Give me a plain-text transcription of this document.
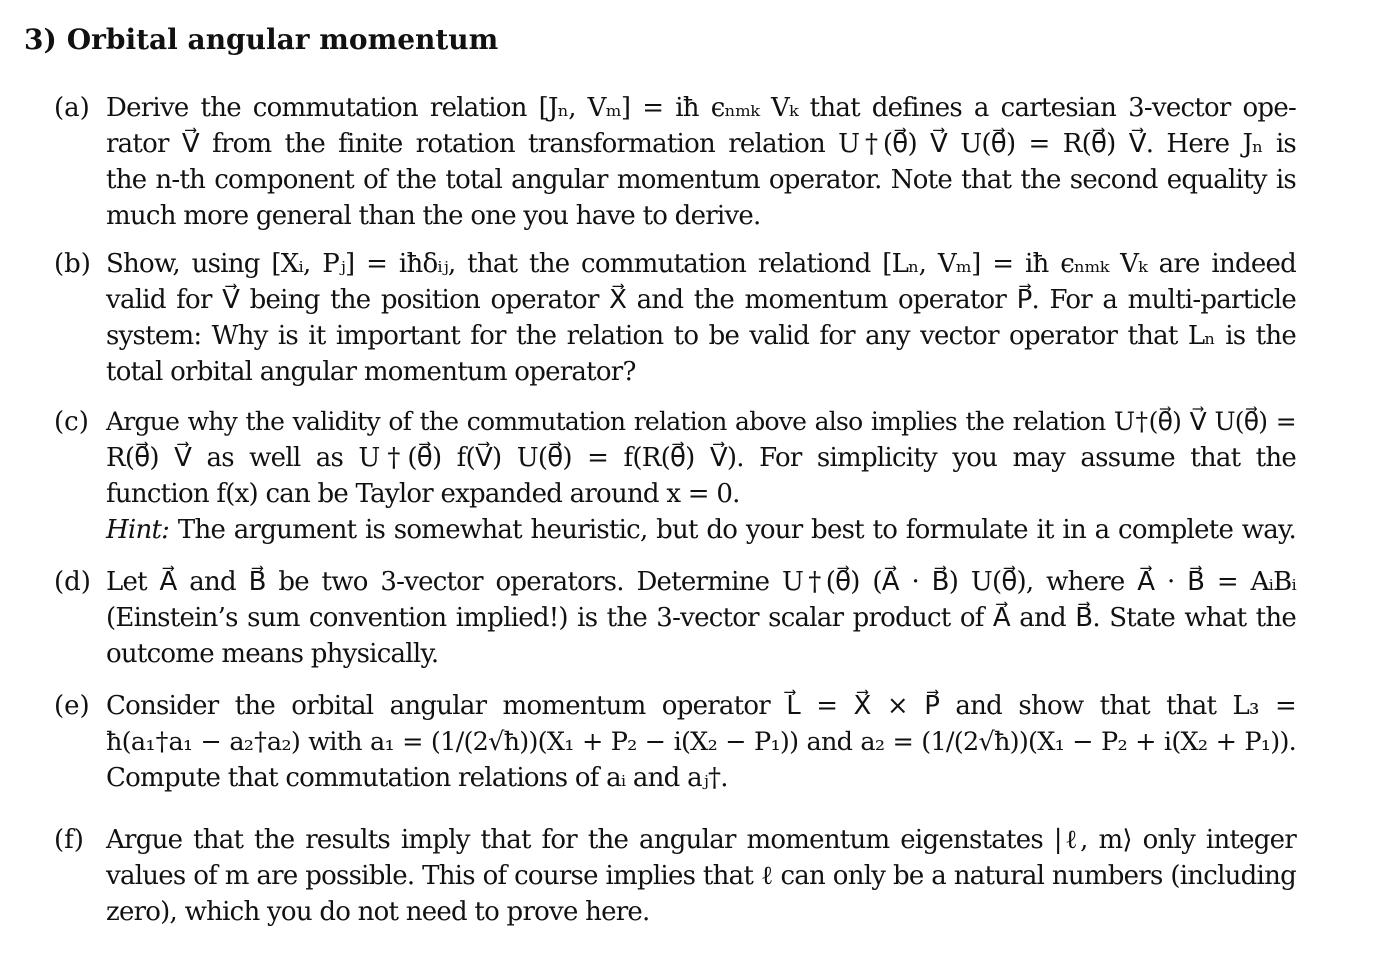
3) Orbital angular momentum
(a) Derive the commutation relation [Jₙ, Vₘ] = iħ ϵₙₘₖ Vₖ that defines a cartesian 3-vector ope-
rator V⃗ from the finite rotation transformation relation U†(θ⃗) V⃗ U(θ⃗) = R(θ⃗) V⃗. Here Jₙ is
the n-th component of the total angular momentum operator. Note that the second equality is
much more general than the one you have to derive.
(b) Show, using [Xᵢ, Pⱼ] = iħδᵢⱼ, that the commutation relationd [Lₙ, Vₘ] = iħ ϵₙₘₖ Vₖ are indeed
valid for V⃗ being the position operator X⃗ and the momentum operator P⃗. For a multi-particle
system: Why is it important for the relation to be valid for any vector operator that Lₙ is the
total orbital angular momentum operator?
(c) Argue why the validity of the commutation relation above also implies the relation U†(θ⃗) V⃗ U(θ⃗) =
R(θ⃗) V⃗ as well as U†(θ⃗) f(V⃗) U(θ⃗) = f(R(θ⃗) V⃗). For simplicity you may assume that the
function f(x) can be Taylor expanded around x = 0.
Hint: The argument is somewhat heuristic, but do your best to formulate it in a complete way.
(d) Let A⃗ and B⃗ be two 3-vector operators. Determine U†(θ⃗) (A⃗ · B⃗) U(θ⃗), where A⃗ · B⃗ = AᵢBᵢ
(Einstein’s sum convention implied!) is the 3-vector scalar product of A⃗ and B⃗. State what the
outcome means physically.
(e) Consider the orbital angular momentum operator L⃗ = X⃗ × P⃗ and show that that L₃ =
ħ(a₁†a₁ − a₂†a₂) with a₁ = (1/(2√ħ))(X₁ + P₂ − i(X₂ − P₁)) and a₂ = (1/(2√ħ))(X₁ − P₂ + i(X₂ + P₁)).
Compute that commutation relations of aᵢ and aⱼ†.
(f) Argue that the results imply that for the angular momentum eigenstates |ℓ, m⟩ only integer
values of m are possible. This of course implies that ℓ can only be a natural numbers (including
zero), which you do not need to prove here.
